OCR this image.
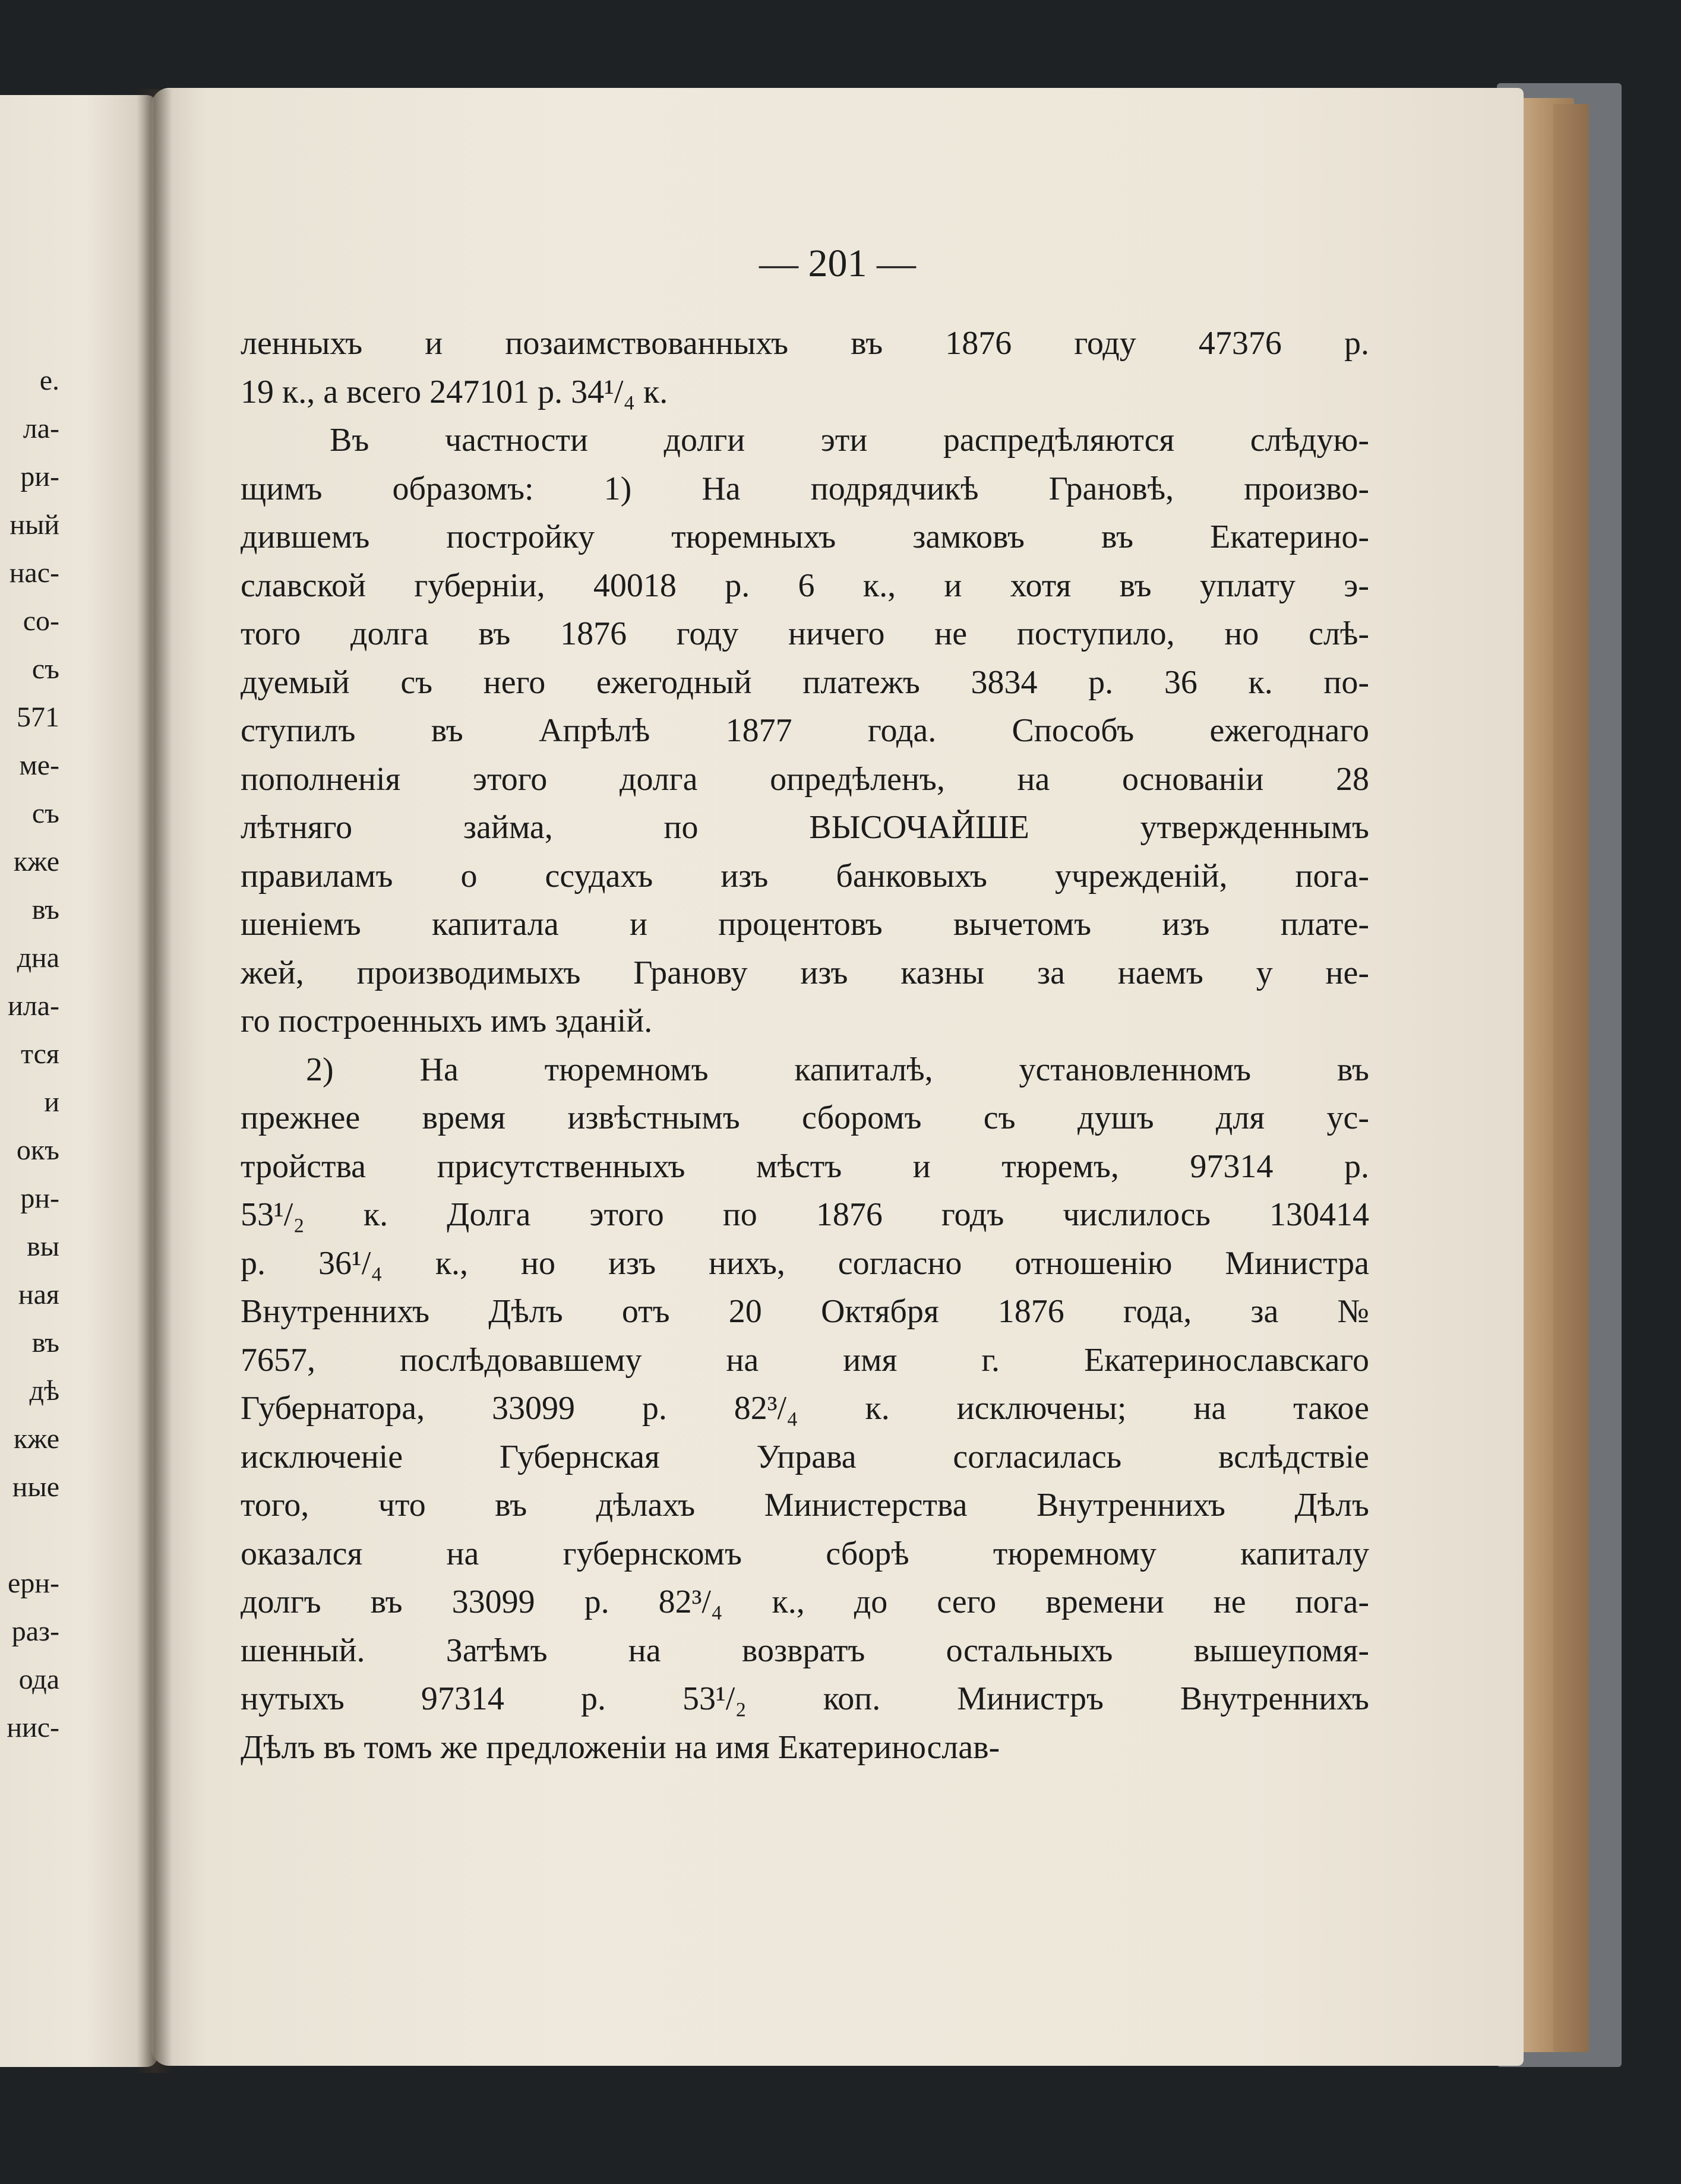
е.
ла-
ри-
ный
нас-
со-
съ
571
ме-
съ
кже
въ
дна
ила-
тся
и
окъ
рн-
вы
ная
въ
дѣ
кже
ные
ерн-
раз-
ода
нис-
— 201 —
ленныхъ и позаимствованныхъ въ 1876 году 47376 р.
19 к., а всего 247101 р. 34¹/₄ к.
Въ частности долги эти распредѣляются слѣдую-
щимъ образомъ: 1) На подрядчикѣ Грановѣ, произво-
дившемъ постройку тюремныхъ замковъ въ Екатерино-
славской губерніи, 40018 р. 6 к., и хотя въ уплату э-
того долга въ 1876 году ничего не поступило, но слѣ-
дуемый съ него ежегодный платежъ 3834 р. 36 к. по-
ступилъ въ Апрѣлѣ 1877 года. Способъ ежегоднаго
пополненія этого долга опредѣленъ, на основаніи 28
лѣтняго займа, по ВЫСОЧАЙШЕ утвержденнымъ
правиламъ о ссудахъ изъ банковыхъ учрежденій, пога-
шеніемъ капитала и процентовъ вычетомъ изъ плате-
жей, производимыхъ Гранову изъ казны за наемъ у не-
го построенныхъ имъ зданій.
2) На тюремномъ капиталѣ, установленномъ въ
прежнее время извѣстнымъ сборомъ съ душъ для ус-
тройства присутственныхъ мѣстъ и тюремъ, 97314 р.
53¹/₂ к. Долга этого по 1876 годъ числилось 130414
р. 36¹/₄ к., но изъ нихъ, согласно отношенію Министра
Внутреннихъ Дѣлъ отъ 20 Октября 1876 года, за №
7657, послѣдовавшему на имя г. Екатеринославскаго
Губернатора, 33099 р. 82³/₄ к. исключены; на такое
исключеніе Губернская Управа согласилась вслѣдствіе
того, что въ дѣлахъ Министерства Внутреннихъ Дѣлъ
оказался на губернскомъ сборѣ тюремному капиталу
долгъ въ 33099 р. 82³/₄ к., до сего времени не пога-
шенный. Затѣмъ на возвратъ остальныхъ вышеупомя-
нутыхъ 97314 р. 53¹/₂ коп. Министръ Внутреннихъ
Дѣлъ въ томъ же предложеніи на имя Екатеринослав-
